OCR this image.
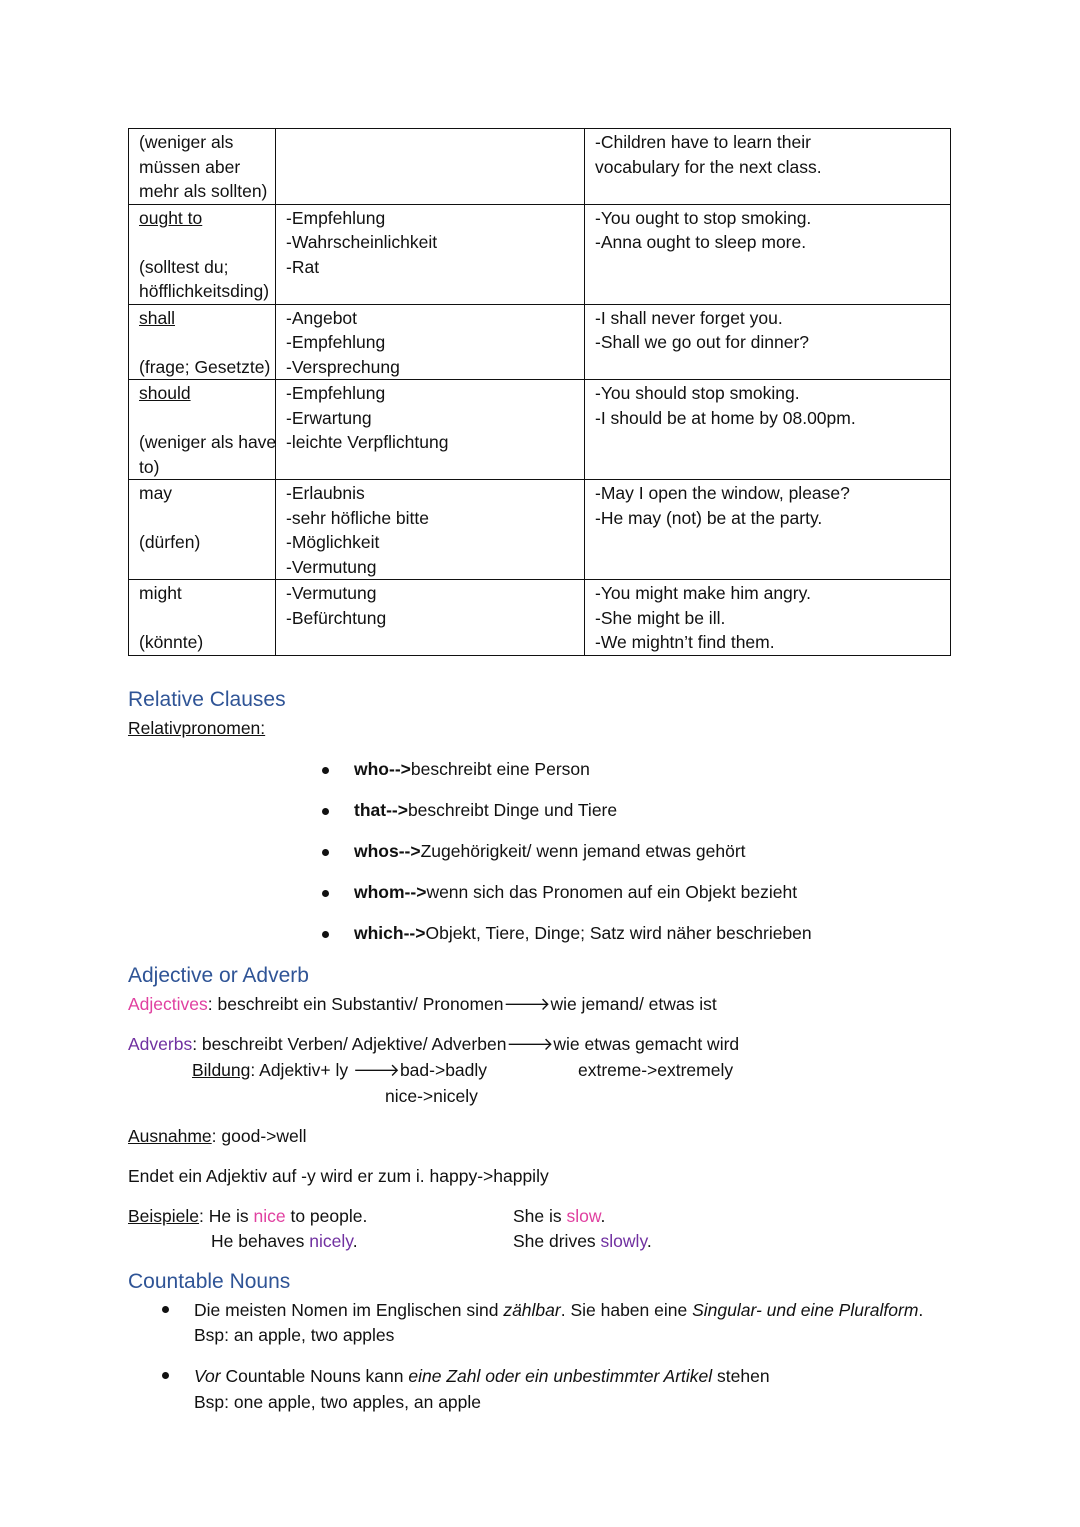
(weniger als
müssen aber
mehr als sollten)		-Children have to learn their
vocabulary for the next class.

ought to
(solltest du;
höfflichkeitsding)	-Empfehlung
-Wahrscheinlichkeit
-Rat	-You ought to stop smoking.
-Anna ought to sleep more.

shall
(frage; Gesetzte)	-Angebot
-Empfehlung
-Versprechung	-I shall never forget you.
-Shall we go out for dinner?

should
(weniger als have
to)	-Empfehlung
-Erwartung
-leichte Verpflichtung	-You should stop smoking.
-I should be at home by 08.00pm.

may
(dürfen)	-Erlaubnis
-sehr höfliche bitte
-Möglichkeit
-Vermutung	-May I open the window, please?
-He may (not) be at the party.

might
(könnte)	-Vermutung
-Befürchtung	-You might make him angry.
-She might be ill.
-We mightn’t find them.
Relative Clauses
Relativpronomen:
who-->beschreibt eine Person
that-->beschreibt Dinge und Tiere
whos-->Zugehörigkeit/ wenn jemand etwas gehört
whom-->wenn sich das Pronomen auf ein Objekt bezieht
which-->Objekt, Tiere, Dinge; Satz wird näher beschrieben
Adjective or Adverb
Adjectives: beschreibt ein Substantiv/ Pronomen🡒wie jemand/ etwas ist
Adverbs: beschreibt Verben/ Adjektive/ Adverben🡒wie etwas gemacht wird
Bildung: Adjektiv+ ly 🡒bad->badly	extreme->extremely
nice->nicely
Ausnahme: good->well
Endet ein Adjektiv auf -y wird er zum i. happy->happily
Beispiele: He is nice to people.
He behaves nicely.
She is slow.
She drives slowly.
Countable Nouns
Die meisten Nomen im Englischen sind zählbar. Sie haben eine Singular- und eine Pluralform.
Bsp: an apple, two apples
Vor Countable Nouns kann eine Zahl oder ein unbestimmter Artikel stehen
Bsp: one apple, two apples, an apple
